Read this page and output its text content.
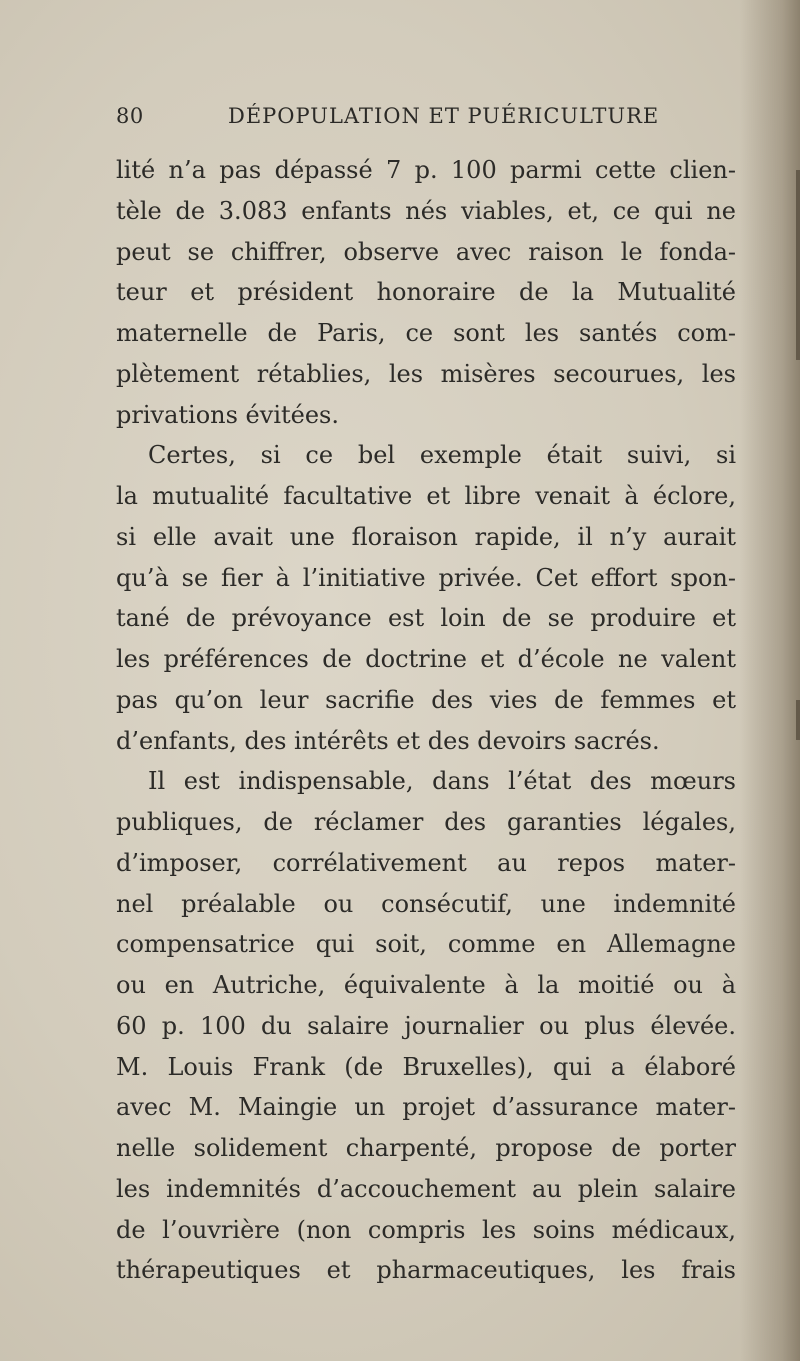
80	DÉPOPULATION ET PUÉRICULTURE
lité n’a pas dépassé 7 p. 100 parmi cette clien-
tèle de 3.083 enfants nés viables, et, ce qui ne
peut se chiffrer, observe avec raison le fonda-
teur et président honoraire de la Mutualité
maternelle de Paris, ce sont les santés com-
plètement rétablies, les misères secourues, les
privations évitées.
Certes, si ce bel exemple était suivi, si
la mutualité facultative et libre venait à éclore,
si elle avait une floraison rapide, il n’y aurait
qu’à se fier à l’initiative privée. Cet effort spon-
tané de prévoyance est loin de se produire et
les préférences de doctrine et d’école ne valent
pas qu’on leur sacrifie des vies de femmes et
d’enfants, des intérêts et des devoirs sacrés.
Il est indispensable, dans l’état des mœurs
publiques, de réclamer des garanties légales,
d’imposer, corrélativement au repos mater-
nel préalable ou consécutif, une indemnité
compensatrice qui soit, comme en Allemagne
ou en Autriche, équivalente à la moitié ou à
60 p. 100 du salaire journalier ou plus élevée.
M. Louis Frank (de Bruxelles), qui a élaboré
avec M. Maingie un projet d’assurance mater-
nelle solidement charpenté, propose de porter
les indemnités d’accouchement au plein salaire
de l’ouvrière (non compris les soins médicaux,
thérapeutiques et pharmaceutiques, les frais
